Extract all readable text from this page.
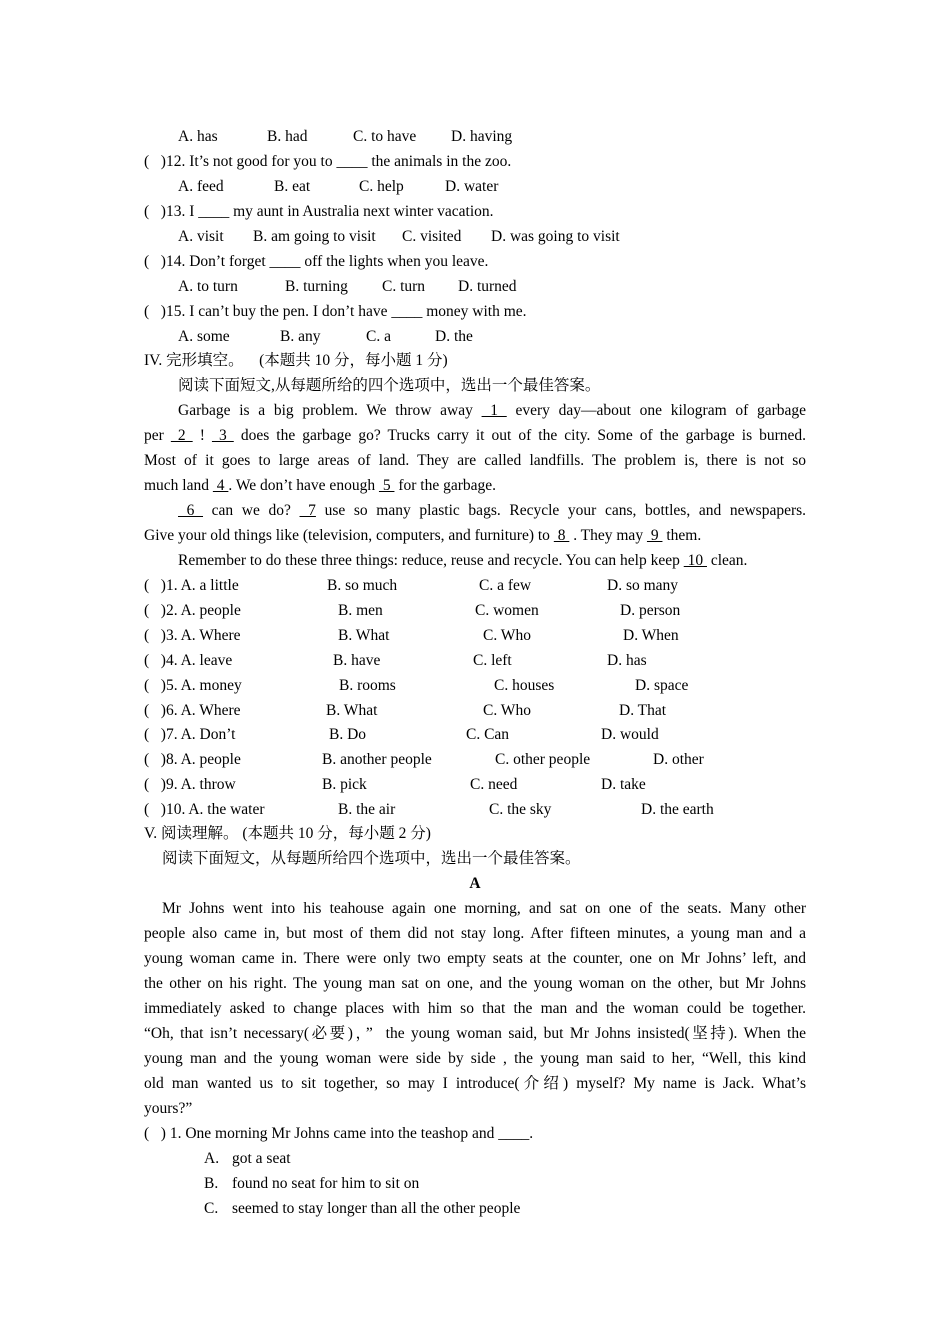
A. has	B. had	C. to have D. having
(   )12. It’s not good for you to ____ the animals in the zoo.
A. feed	B. eat	C. help	D. water
(   )13. I ____ my aunt in Australia next winter vacation.
A. visit B. am going to visit C. visited D. was going to visit
(   )14. Don’t forget ____ off the lights when you leave.
A. to turn	B. turning C. turn D. turned
(   )15. I can’t buy the pen. I don’t have ____ money with me.
A. some	B. any	C. a	D. the
IV. 完形填空。    (本题共 10 分，每小题 1 分)
阅读下面短文,从每题所给的四个选项中，选出一个最佳答案。
Garbage is a big problem. We throw away  1  every day—about one kilogram of garbage
per  2  !  3  does the garbage go? Trucks carry it out of the city. Some of the garbage is burned.
Most of it goes to large areas of land. They are called landfills. The problem is, there is not so
much land  4 . We don’t have enough  5  for the garbage.
6  can we do?  7 use so many plastic bags. Recycle your cans, bottles, and newspapers.
Give your old things like (television, computers, and furniture) to  8  . They may  9  them.
Remember to do these three things: reduce, reuse and recycle. You can help keep  10  clean.
(   )1. A. a little	B. so much	C. a few	D. so many
(   )2. A. people	B. men	C. women	D. person
(   )3. A. Where	B. What	C. Who	D. When
(   )4. A. leave	B. have	C. left	D. has
(   )5. A. money	B. rooms	C. houses	D. space
(   )6. A. Where	B. What	C. Who	D. That
(   )7. A. Don’t	B. Do	C. Can	D. would
(   )8. A. people	B. another people	C. other people	D. other
(   )9. A. throw	B. pick	C. need	D. take
(   )10. A. the water	B. the air	C. the sky	D. the earth
V. 阅读理解。 (本题共 10 分，每小题 2 分)
阅读下面短文，从每题所给四个选项中，选出一个最佳答案。
A
Mr Johns went into his teahouse again one morning, and sat on one of the seats. Many other
people also came in, but most of them did not stay long. After fifteen minutes, a young man and a
young woman came in. There were only two empty seats at the counter, one on Mr Johns’ left, and
the other on his right. The young man sat on one, and the young woman on the other, but Mr Johns
immediately asked to change places with him so that the man and the woman could be together.
“Oh, that isn’t necessary(必要)，”  the young woman said, but Mr Johns insisted(坚持). When the
young man and the young woman were side by side , the young man said to her, “Well, this kind
old man wanted us to sit together, so may I introduce(介绍) myself? My name is Jack. What’s
yours?”
(   ) 1. One morning Mr Johns came into the teashop and ____.
A. got a seat
B. found no seat for him to sit on
C. seemed to stay longer than all the other people
